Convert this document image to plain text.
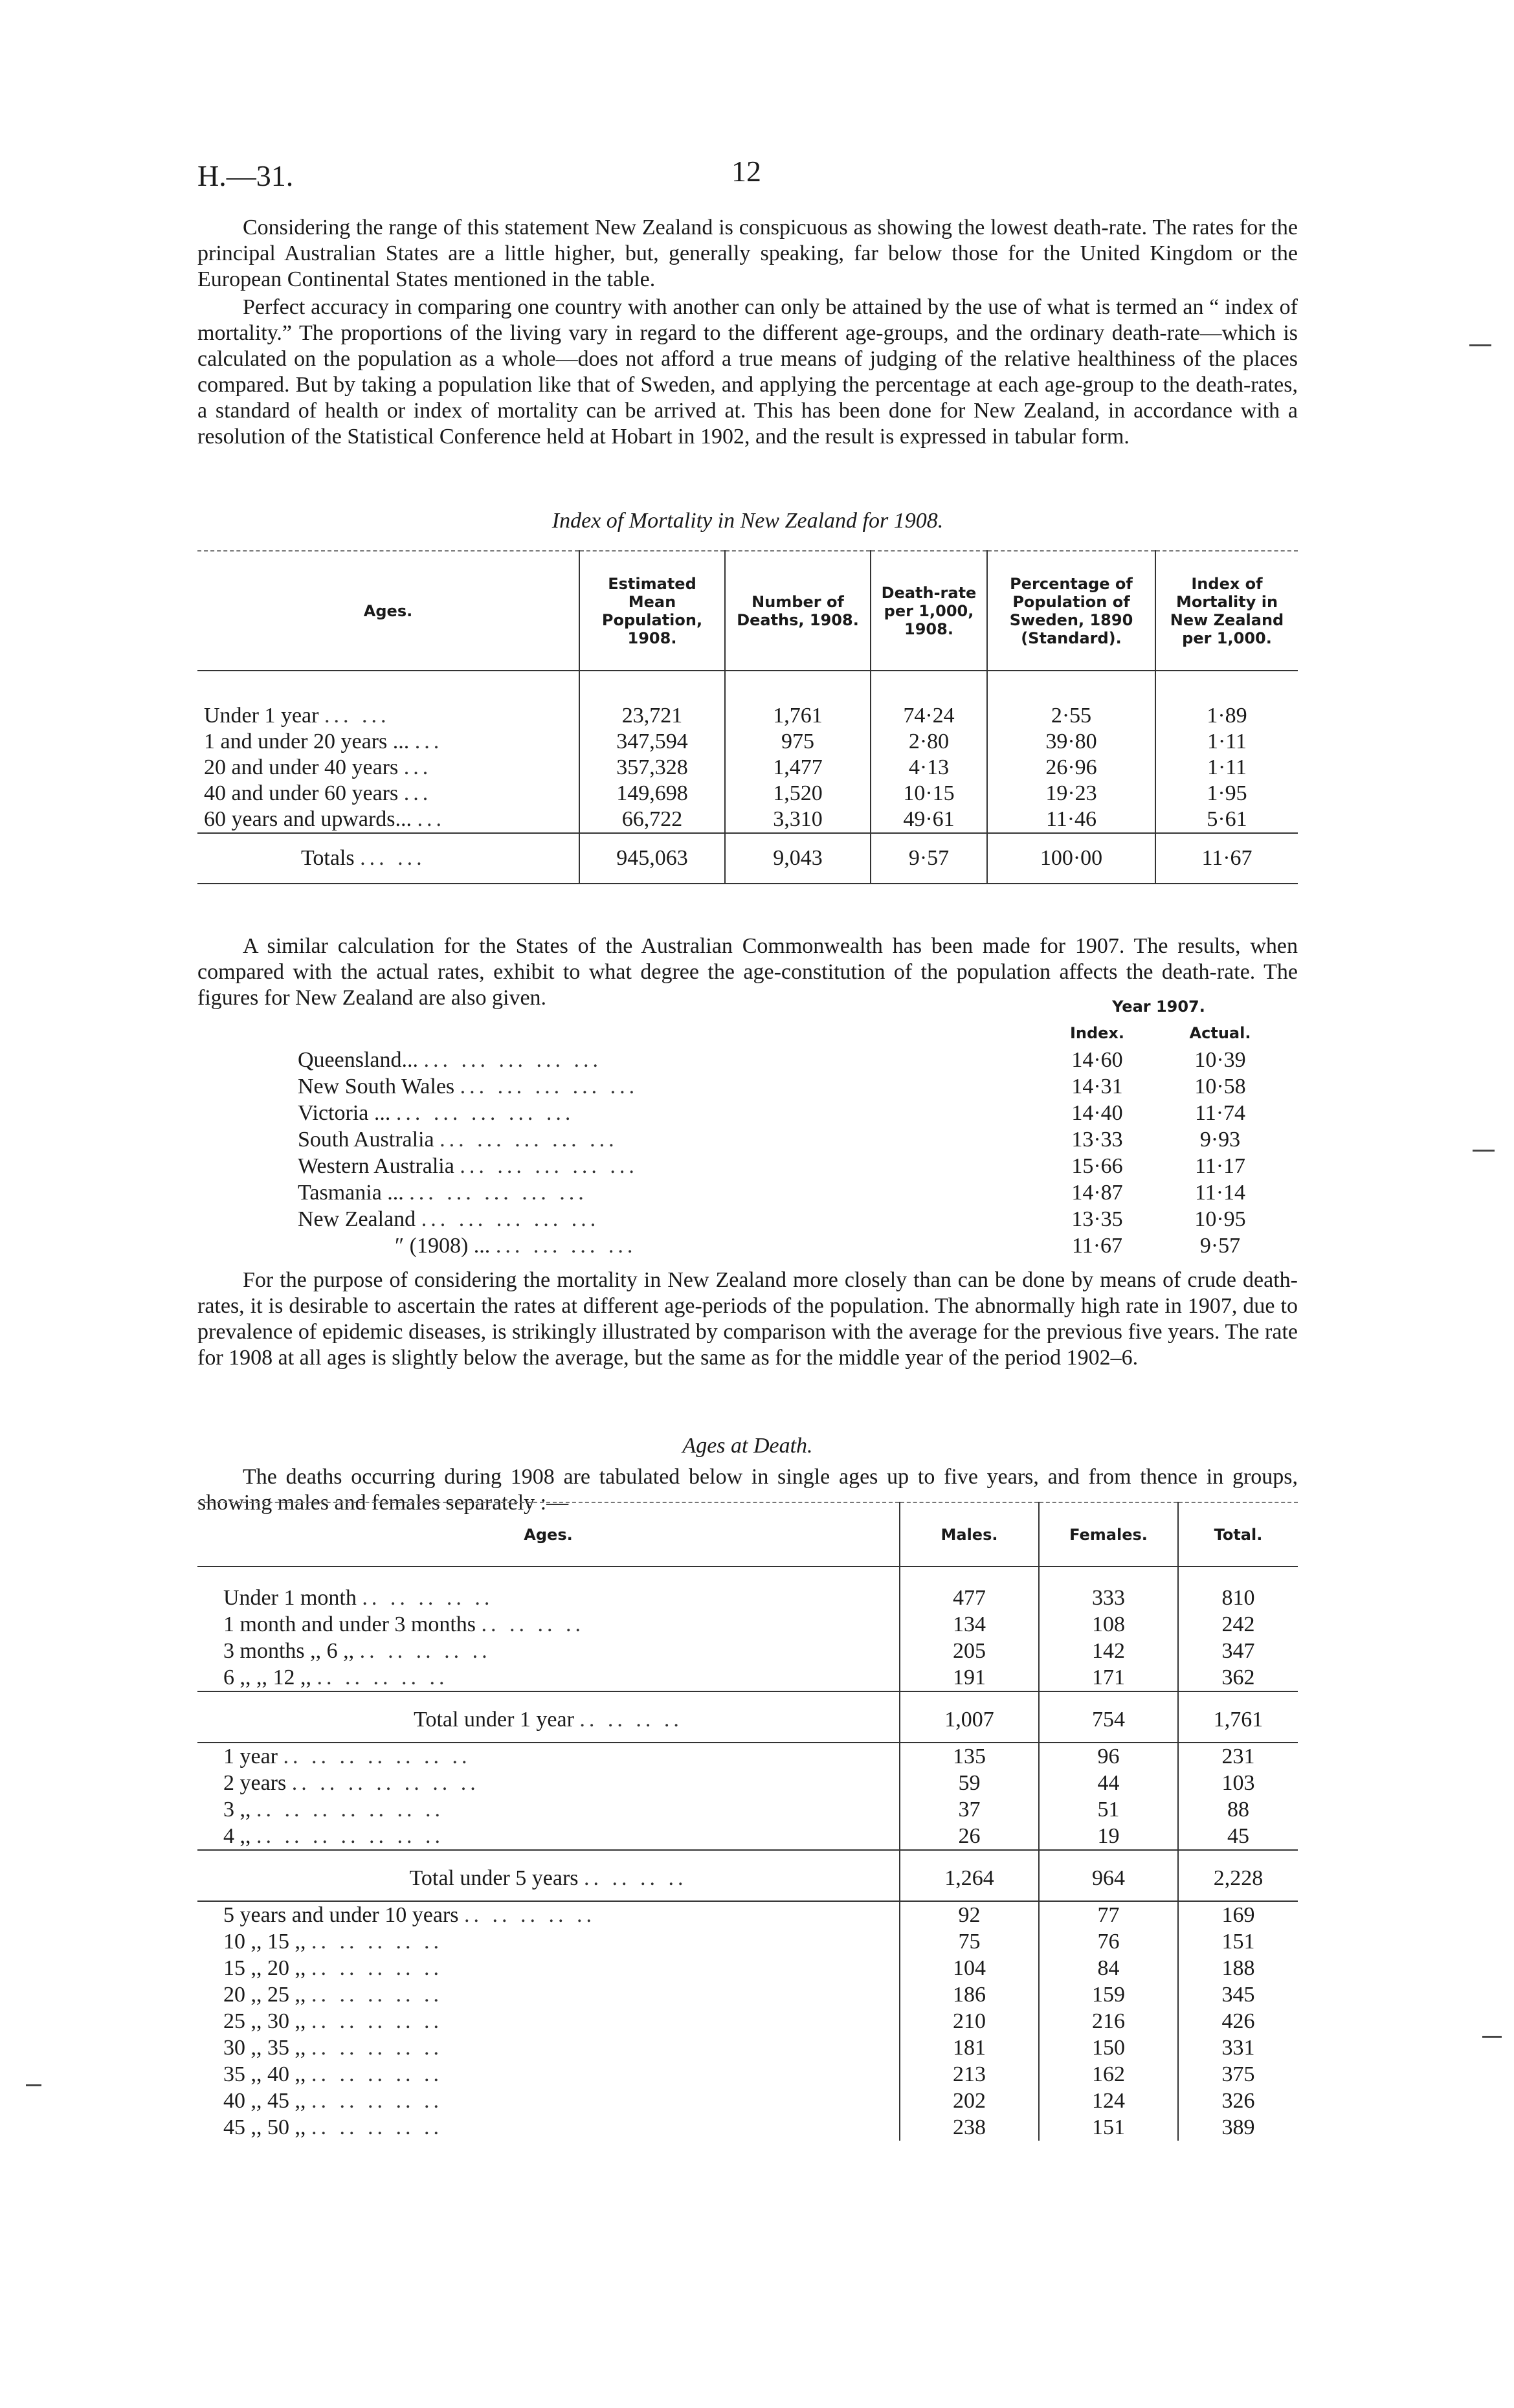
H.—31.	12

Considering the range of this statement New Zealand is conspicuous as showing the lowest death-rate. The rates for the principal Australian States are a little higher, but, generally speaking, far below those for the United Kingdom or the European Continental States mentioned in the table.

Perfect accuracy in comparing one country with another can only be attained by the use of what is termed an “ index of mortality.” The proportions of the living vary in regard to the different age-groups, and the ordinary death-rate—which is calculated on the population as a whole—does not afford a true means of judging of the relative healthiness of the places compared. But by taking a population like that of Sweden, and applying the percentage at each age-group to the death-rates, a standard of health or index of mortality can be arrived at. This has been done for New Zealand, in accordance with a resolution of the Statistical Conference held at Hobart in 1902, and the result is expressed in tabular form.

Index of Mortality in New Zealand for 1908.
Ages.	Estimated Mean Population, 1908.	Number of Deaths, 1908.	Death-rate per 1,000, 1908.	Percentage of Population of Sweden, 1890 (Standard).	Index of Mortality in New Zealand per 1,000.

Under 1 year ... ...	23,721	1,761	74·24	2·55	1·89
1 and under 20 years ... ...	347,594	975	2·80	39·80	1·11
20 and under 40 years ...	357,328	1,477	4·13	26·96	1·11
40 and under 60 years ...	149,698	1,520	10·15	19·23	1·95
60 years and upwards... ...	66,722	3,310	49·61	11·46	5·61
Totals ... ...	945,063	9,043	9·57	100·00	11·67

A similar calculation for the States of the Australian Commonwealth has been made for 1907. The results, when compared with the actual rates, exhibit to what degree the age-constitution of the population affects the death-rate. The figures for New Zealand are also given.

		Year 1907.	
	Index.	Actual.
Queensland... ... ... ... ... ...	14·60	10·39
New South Wales ... ... ... ... ...	14·31	10·58
Victoria ... ... ... ... ... ...	14·40	11·74
South Australia ... ... ... ... ...	13·33	9·93
Western Australia ... ... ... ... ...	15·66	11·17
Tasmania ... ... ... ... ... ...	14·87	11·14
New Zealand ... ... ... ... ...	13·35	10·95
″ (1908) ... ... ... ... ...	11·67	9·57

For the purpose of considering the mortality in New Zealand more closely than can be done by means of crude death-rates, it is desirable to ascertain the rates at different age-periods of the population. The abnormally high rate in 1907, due to prevalence of epidemic diseases, is strikingly illustrated by comparison with the average for the previous five years. The rate for 1908 at all ages is slightly below the average, but the same as for the middle year of the period 1902–6.

Ages at Death.

The deaths occurring during 1908 are tabulated below in single ages up to five years, and from thence in groups, showing males and females separately :—

Ages.	Males.	Females.	Total.

Under 1 month .. .. .. .. ..	477	333	810
1 month and under 3 months .. .. .. ..	134	108	242
3 months ,, 6 ,, .. .. .. .. ..	205	142	347
6 ,, ,, 12 ,, .. .. .. .. ..	191	171	362
Total under 1 year .. .. .. ..	1,007	754	1,761
1 year .. .. .. .. .. .. ..	135	96	231
2 years .. .. .. .. .. .. ..	59	44	103
3 ,, .. .. .. .. .. .. ..	37	51	88
4 ,, .. .. .. .. .. .. ..	26	19	45
Total under 5 years .. .. .. ..	1,264	964	2,228
5 years and under 10 years .. .. .. .. ..	92	77	169
10 ,, 15 ,, .. .. .. .. ..	75	76	151
15 ,, 20 ,, .. .. .. .. ..	104	84	188
20 ,, 25 ,, .. .. .. .. ..	186	159	345
25 ,, 30 ,, .. .. .. .. ..	210	216	426
30 ,, 35 ,, .. .. .. .. ..	181	150	331
35 ,, 40 ,, .. .. .. .. ..	213	162	375
40 ,, 45 ,, .. .. .. .. ..	202	124	326
45 ,, 50 ,, .. .. .. .. ..	238	151	389
